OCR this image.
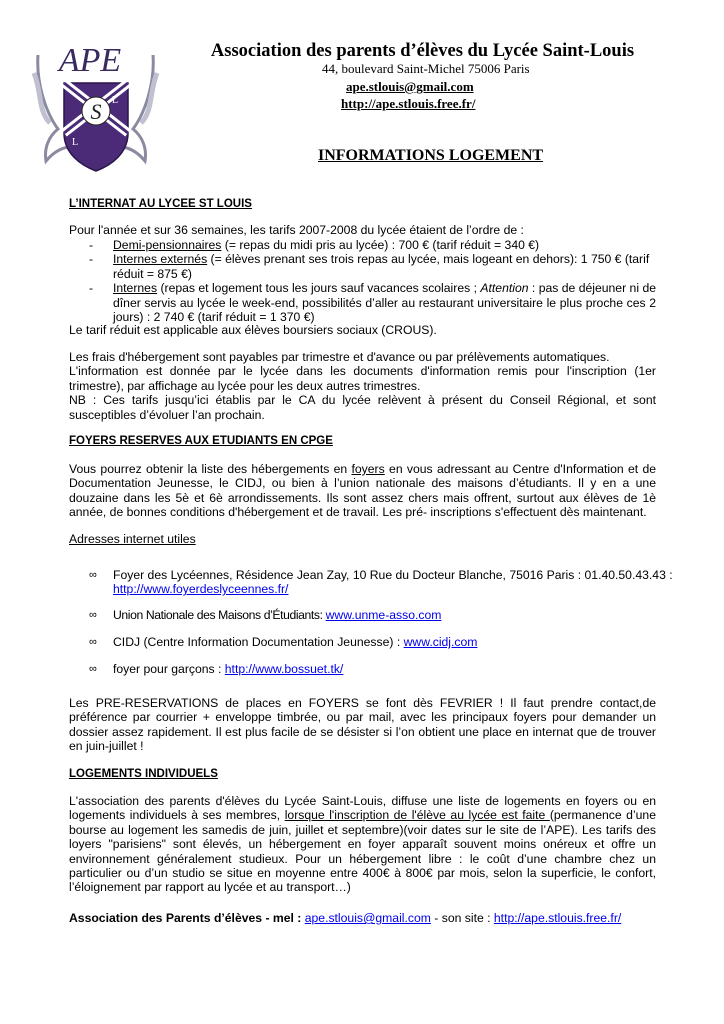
S
APE
L
L
Association des parents d’élèves du Lycée Saint-Louis
44, boulevard Saint-Michel 75006 Paris
ape.stlouis@gmail.com
http://ape.stlouis.free.fr/
INFORMATIONS LOGEMENT
L’INTERNAT AU LYCEE ST LOUIS
Pour l'année et sur 36 semaines, les tarifs 2007-2008 du lycée étaient de l’ordre de :
- Demi-pensionnaires (= repas du midi pris au lycée) : 700 € (tarif réduit = 340 €)
- Internes externés (= élèves prenant ses trois repas au lycée, mais logeant en dehors): 1 750 € (tarif réduit = 875 €)
- Internes (repas et logement tous les jours sauf vacances scolaires ; Attention : pas de déjeuner ni de dîner servis au lycée le week-end, possibilités d’aller au restaurant universitaire le plus proche ces 2 jours) : 2 740 € (tarif réduit = 1 370 €)
Le tarif réduit est applicable aux élèves boursiers sociaux (CROUS).
Les frais d'hébergement sont payables par trimestre et d'avance ou par prélèvements automatiques.
L'information est donnée par le lycée dans les documents d'information remis pour l'inscription (1er trimestre), par affichage au lycée pour les deux autres trimestres.
NB : Ces tarifs jusqu’ici établis par le CA du lycée relèvent à présent du Conseil Régional, et sont susceptibles d’évoluer l’an prochain.
FOYERS RESERVES AUX ETUDIANTS EN CPGE
Vous pourrez obtenir la liste des hébergements en foyers en vous adressant au Centre d'Information et de Documentation Jeunesse, le CIDJ, ou bien à l’union nationale des maisons d’étudiants. Il y en a une douzaine dans les 5è et 6è arrondissements. Ils sont assez chers mais offrent, surtout aux élèves de 1è année, de bonnes conditions d'hébergement et de travail. Les pré- inscriptions s'effectuent dès maintenant.
Adresses internet utiles
∞ Foyer des Lycéennes, Résidence Jean Zay, 10 Rue du Docteur Blanche, 75016 Paris : 01.40.50.43.43 : http://www.foyerdeslyceennes.fr/
∞ Union Nationale des Maisons d’Étudiants: www.unme-asso.com
∞ CIDJ (Centre Information Documentation Jeunesse) : www.cidj.com
∞ foyer pour garçons : http://www.bossuet.tk/
Les PRE-RESERVATIONS de places en FOYERS se font dès FEVRIER ! Il faut prendre contact,de préférence par courrier + enveloppe timbrée, ou par mail, avec les principaux foyers pour demander un dossier assez rapidement. Il est plus facile de se désister si l’on obtient une place en internat que de trouver en juin-juillet !
LOGEMENTS INDIVIDUELS
L'association des parents d'élèves du Lycée Saint-Louis, diffuse une liste de logements en foyers ou en logements individuels à ses membres, lorsque l'inscription de l'élève au lycée est faite (permanence d’une bourse au logement les samedis de juin, juillet et septembre)(voir dates sur le site de l’APE). Les tarifs des loyers "parisiens" sont élevés, un hébergement en foyer apparaît souvent moins onéreux et offre un environnement généralement studieux. Pour un hébergement libre : le coût d’une chambre chez un particulier ou d’un studio se situe en moyenne entre 400€ à 800€ par mois, selon la superficie, le confort, l’éloignement par rapport au lycée et au transport…)
Association des Parents d’élèves - mel : ape.stlouis@gmail.com - son site : http://ape.stlouis.free.fr/
